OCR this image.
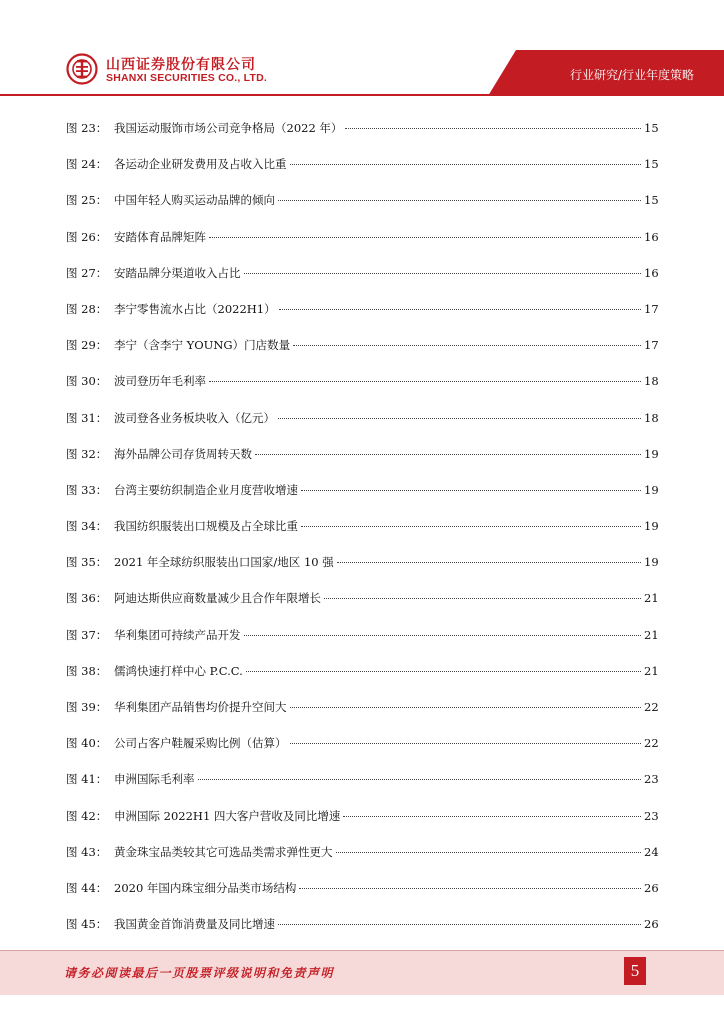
山西证券股份有限公司
SHANXI SECURITIES CO., LTD.	行业研究/行业年度策略
图 23： 我国运动服饰市场公司竞争格局（2022 年）	15
图 24： 各运动企业研发费用及占收入比重	15
图 25： 中国年轻人购买运动品牌的倾向	15
图 26： 安踏体育品牌矩阵	16
图 27： 安踏品牌分渠道收入占比	16
图 28： 李宁零售流水占比（2022H1）	17
图 29： 李宁（含李宁 YOUNG）门店数量	17
图 30： 波司登历年毛利率	18
图 31： 波司登各业务板块收入（亿元）	18
图 32： 海外品牌公司存货周转天数	19
图 33： 台湾主要纺织制造企业月度营收增速	19
图 34： 我国纺织服装出口规模及占全球比重	19
图 35： 2021 年全球纺织服装出口国家/地区 10 强	19
图 36： 阿迪达斯供应商数量减少且合作年限增长	21
图 37： 华利集团可持续产品开发	21
图 38： 儒鸿快速打样中心 P.C.C.	21
图 39： 华利集团产品销售均价提升空间大	22
图 40： 公司占客户鞋履采购比例（估算）	22
图 41： 申洲国际毛利率	23
图 42： 申洲国际 2022H1 四大客户营收及同比增速	23
图 43： 黄金珠宝品类较其它可选品类需求弹性更大	24
图 44： 2020 年国内珠宝细分品类市场结构	26
图 45： 我国黄金首饰消费量及同比增速	26
请务必阅读最后一页股票评级说明和免责声明	5
